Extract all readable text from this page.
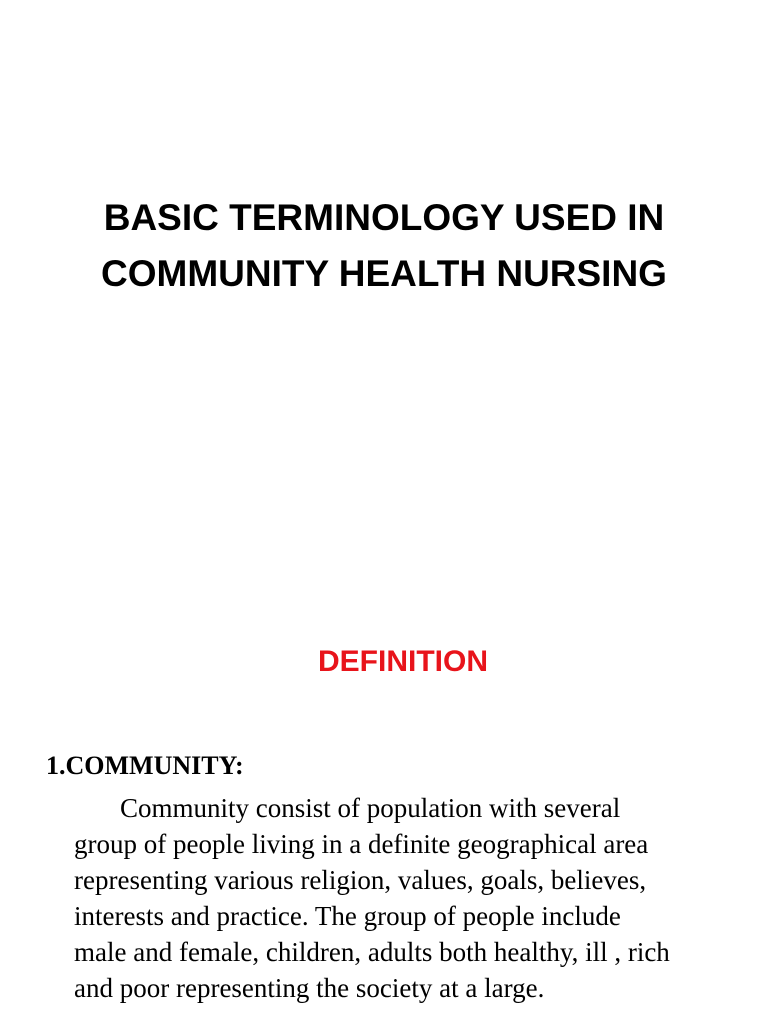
BASIC TERMINOLOGY USED IN
COMMUNITY HEALTH NURSING
DEFINITION
1.COMMUNITY:
Community consist of population with several
group of people living in a definite geographical area
representing various religion, values, goals, believes,
interests and practice. The group of people include
male and female, children, adults both healthy, ill , rich
and poor representing the society at a large.
